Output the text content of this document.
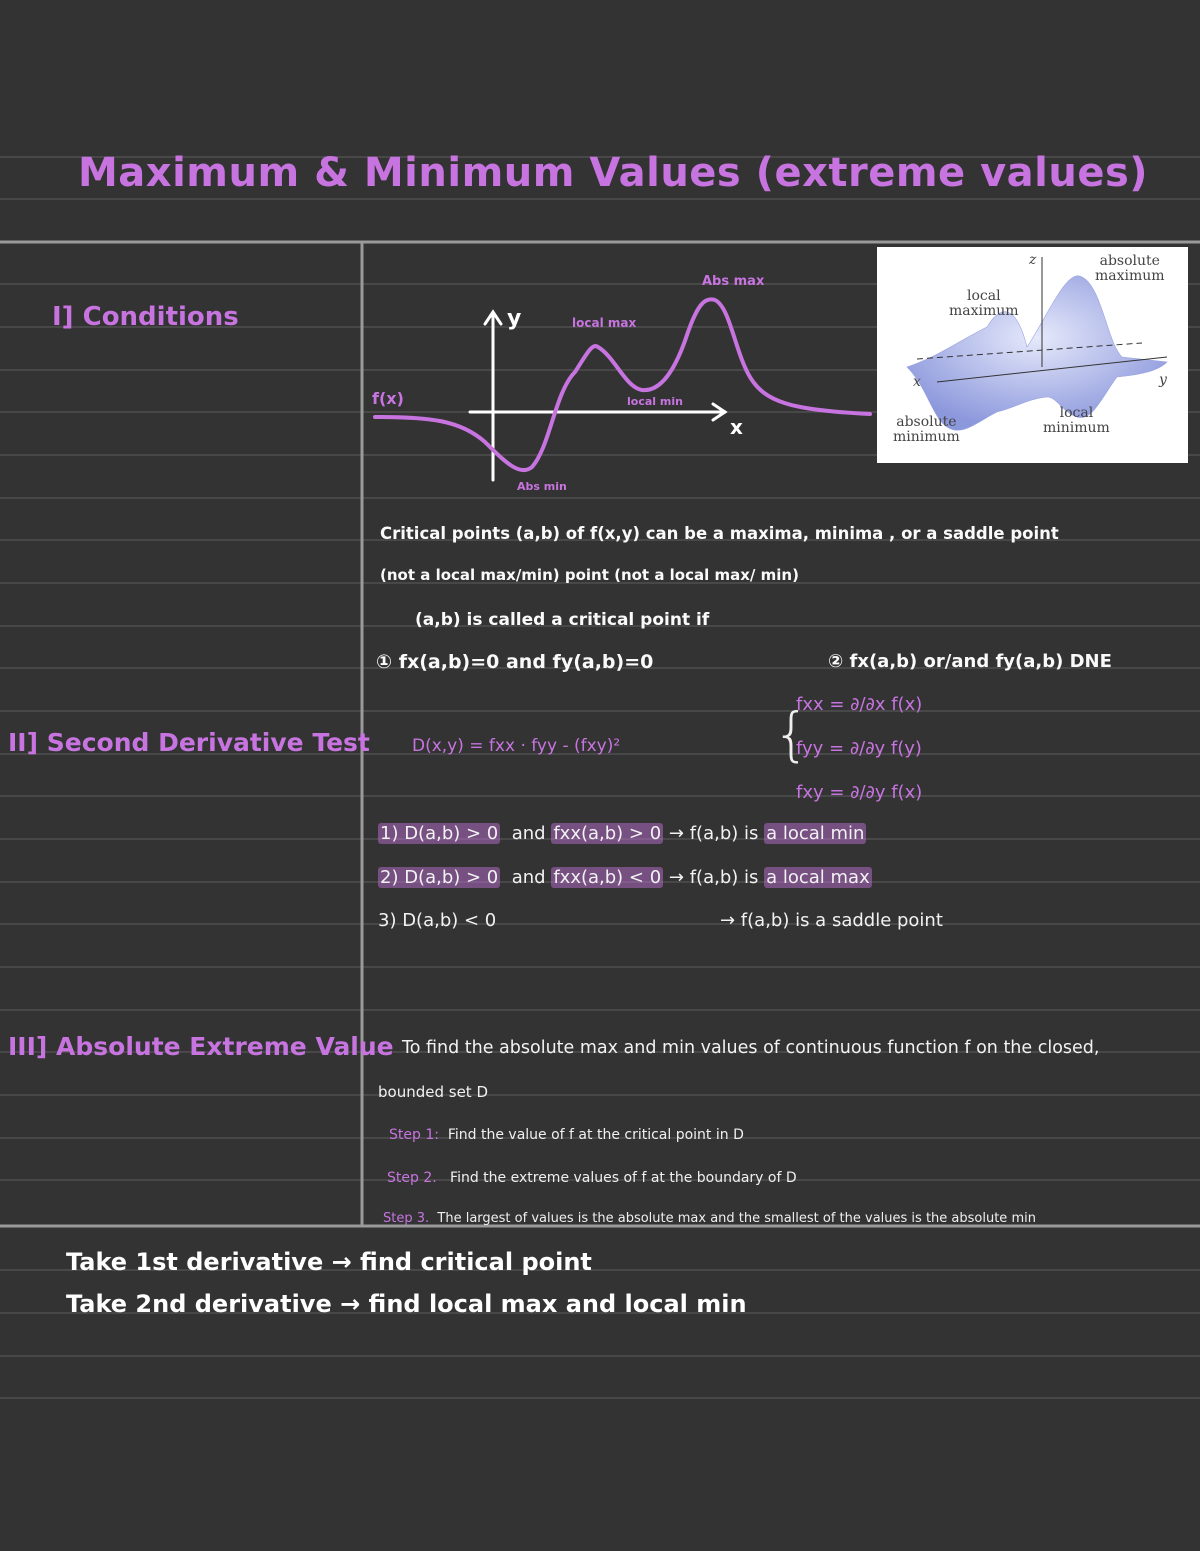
Maximum & Minimum Values (extreme values)
I] Conditions
II] Second Derivative Test
III] Absolute Extreme Value
f(x)
y
x
local max
Abs max
local min
Abs min
z
x	y
absolute
maximum
local
maximum
absolute
minimum
local
minimum
Critical points (a,b) of f(x,y) can be a maxima, minima , or a saddle point
(not a local max/min) point (not a local max/ min)
(a,b) is called a critical point if
① fx(a,b)=0 and fy(a,b)=0	② fx(a,b) or/and fy(a,b) DNE
D(x,y) = fxx · fyy - (fxy)²	{
fxx = ∂/∂x f(x)
fyy = ∂/∂y f(y)
fxy = ∂/∂y f(x)
1) D(a,b) > 0 and fxx(a,b) > 0 → f(a,b) is a local min
2) D(a,b) > 0 and fxx(a,b) < 0 → f(a,b) is a local max
3) D(a,b) < 0	→ f(a,b) is a saddle point
To find the absolute max and min values of continuous function f on the closed,
bounded set D
Step 1: Find the value of f at the critical point in D
Step 2. Find the extreme values of f at the boundary of D
Step 3. The largest of values is the absolute max and the smallest of the values is the absolute min
Take 1st derivative → find critical point
Take 2nd derivative → find local max and local min
